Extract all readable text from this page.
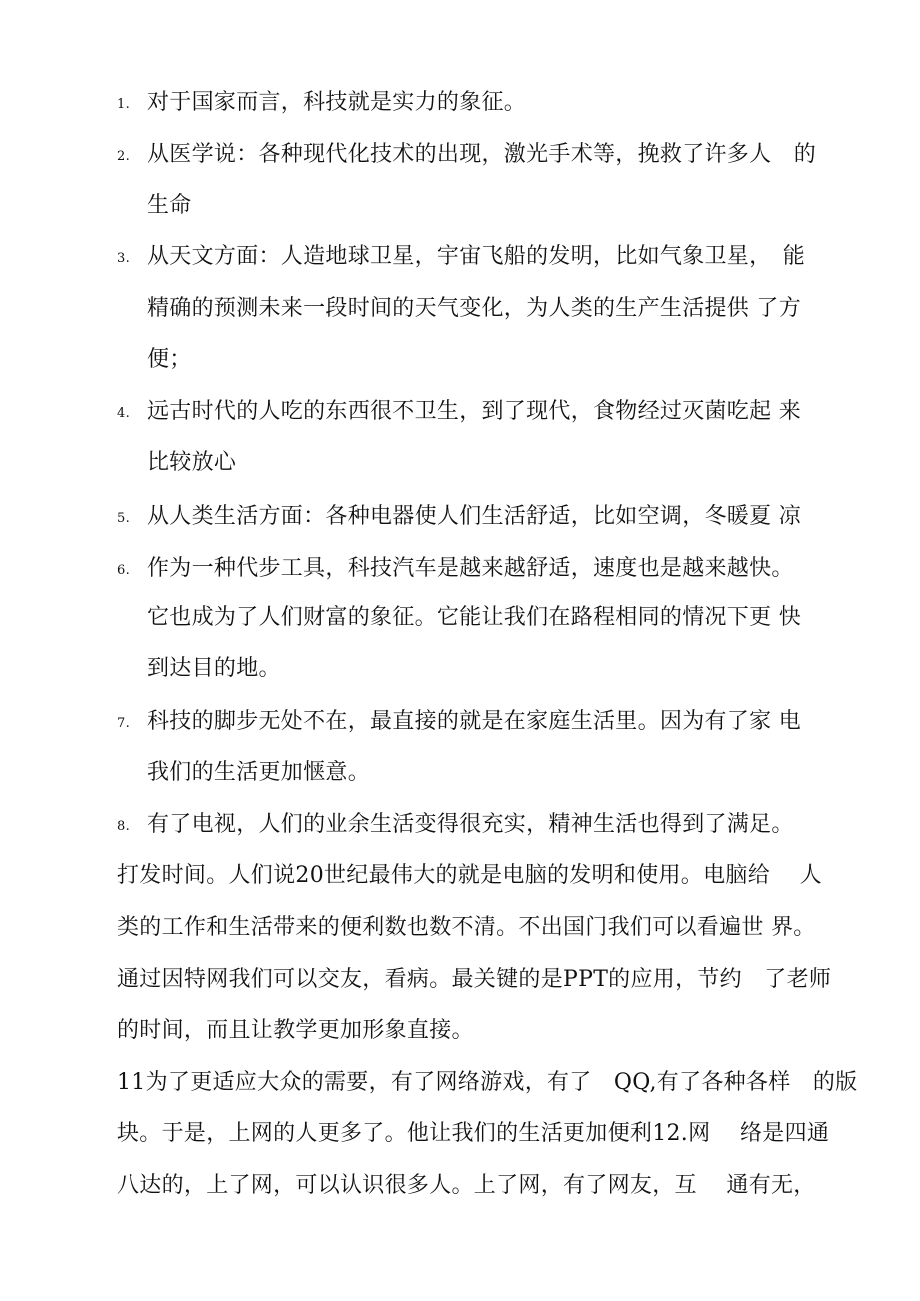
1. 对于国家而言，科技就是实力的象征。
2. 从医学说：各种现代化技术的出现，激光手术等，挽救了许多人　的
生命
3. 从天文方面：人造地球卫星，宇宙飞船的发明，比如气象卫星，　能
精确的预测未来一段时间的天气变化，为人类的生产生活提供 了方
便；
4. 远古时代的人吃的东西很不卫生，到了现代，食物经过灭菌吃起 来
比较放心
5. 从人类生活方面：各种电器使人们生活舒适，比如空调，冬暖夏 凉
6. 作为一种代步工具，科技汽车是越来越舒适，速度也是越来越快。
它也成为了人们财富的象征。它能让我们在路程相同的情况下更 快
到达目的地。
7. 科技的脚步无处不在，最直接的就是在家庭生活里。因为有了家 电
我们的生活更加惬意。
8. 有了电视，人们的业余生活变得很充实，精神生活也得到了满足。
打发时间。人们说20世纪最伟大的就是电脑的发明和使用。电脑给　 人
类的工作和生活带来的便利数也数不清。不出国门我们可以看遍世 界。
通过因特网我们可以交友，看病。最关键的是PPT的应用，节约　了老师
的时间，而且让教学更加形象直接。
11为了更适应大众的需要，有了网络游戏，有了　QQ,有了各种各样　的版
块。于是，上网的人更多了。他让我们的生活更加便利12.网　 络是四通
八达的，上了网，可以认识很多人。上了网，有了网友，互　 通有无，
